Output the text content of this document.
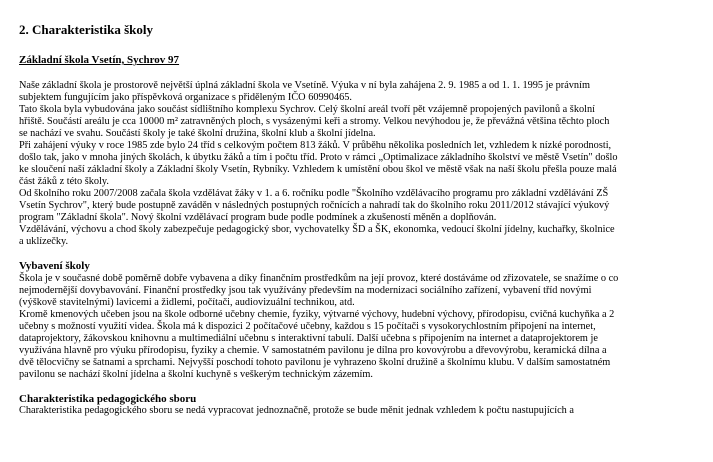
2. Charakteristika školy
Základní škola Vsetín, Sychrov 97

Naše základní škola je prostorově největší úplná základní škola ve Vsetíně. Výuka v ní byla zahájena 2. 9. 1985 a od 1. 1. 1995 je právním

subjektem fungujícím jako příspěvková organizace s přiděleným IČO 60990465.

Tato škola byla vybudována jako součást sídlištního komplexu Sychrov. Celý školní areál tvoří pět vzájemně propojených pavilonů a školní

hřiště. Součástí areálu je cca 10000 m² zatravněných ploch, s vysázenými keři a stromy. Velkou nevýhodou je, že převážná většina těchto ploch

se nachází ve svahu. Součástí školy je také školní družina, školní klub a školní jídelna.

Při zahájení výuky v roce 1985 zde bylo 24 tříd s celkovým počtem 813 žáků. V průběhu několika posledních let, vzhledem k nízké porodnosti,

došlo tak, jako v mnoha jiných školách, k úbytku žáků a tím i počtu tříd. Proto v rámci „Optimalizace základního školství ve městě Vsetín" došlo

ke sloučení naší základní školy a Základní školy Vsetín, Rybníky. Vzhledem k umístění obou škol ve městě však na naší školu přešla pouze malá

část žáků z této školy.

Od školního roku 2007/2008 začala škola vzdělávat žáky v 1. a 6. ročníku podle "Školního vzdělávacího programu pro základní vzdělávání ZŠ

Vsetín Sychrov", který bude postupně zaváděn v následných postupných ročnících a nahradí tak do školního roku 2011/2012 stávající výukový

program "Základní škola". Nový školní vzdělávací program bude podle podmínek a zkušeností měněn a doplňován.

Vzdělávání, výchovu a chod školy zabezpečuje pedagogický sbor, vychovatelky ŠD a ŠK, ekonomka, vedoucí školní jídelny, kuchařky, školnice

a uklízečky.

Vybavení školy

Škola je v současné době poměrně dobře vybavena a díky finančním prostředkům na její provoz, které dostáváme od zřizovatele, se snažíme o co

nejmodernější dovybavování. Finanční prostředky jsou tak využívány především na modernizaci sociálního zařízení, vybavení tříd novými

(výškově stavitelnými) lavicemi a židlemi, počítači, audiovizuální technikou, atd.

Kromě kmenových učeben jsou na škole odborné učebny chemie, fyziky, výtvarné výchovy, hudební výchovy, přírodopisu, cvičná kuchyňka a 2

učebny s možností využití videa. Škola má k dispozici 2 počítačové učebny, každou s 15 počítači s vysokorychlostním připojení na internet,

dataprojektory, žákovskou knihovnu a multimediální učebnu s interaktivní tabulí. Další učebna s připojením na internet a dataprojektorem je

využívána hlavně pro výuku přírodopisu, fyziky a chemie. V samostatném pavilonu je dílna pro kovovýrobu a dřevovýrobu, keramická dílna a

dvě tělocvičny se šatnami a sprchami. Nejvyšší poschodí tohoto pavilonu je vyhrazeno školní družině a školnímu klubu. V dalším samostatném

pavilonu se nachází školní jídelna a školní kuchyně s veškerým technickým zázemím.

Charakteristika pedagogického sboru

Charakteristika pedagogického sboru se nedá vypracovat jednoznačně, protože se bude měnit jednak vzhledem k počtu nastupujících a
